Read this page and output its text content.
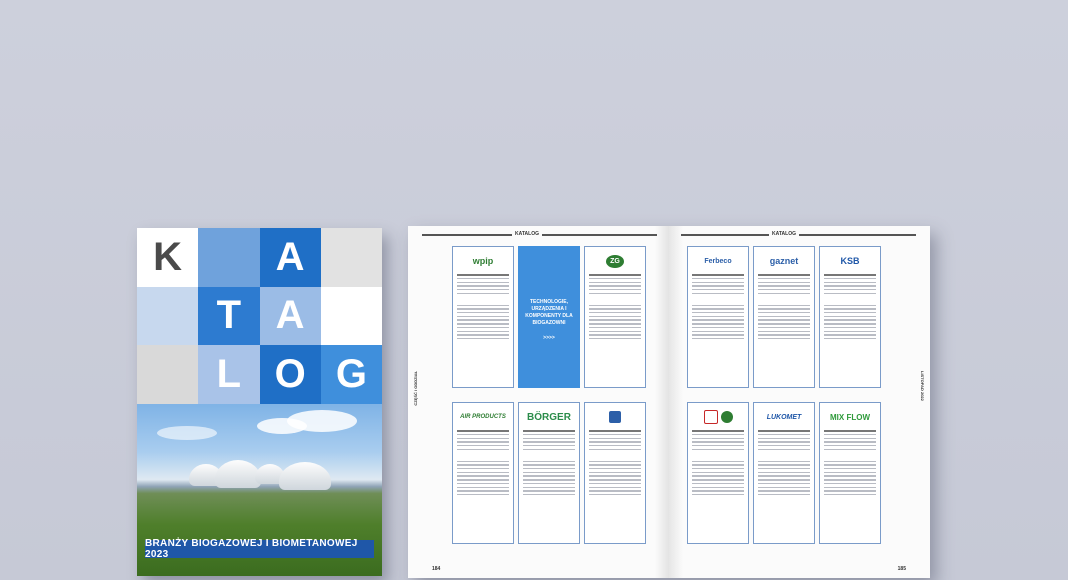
K	A
T A
L O G
BRANŻY BIOGAZOWEJ I BIOMETANOWEJ 2023
KATALOG
CZĘŚĆ I ODDZIAŁ
wpip
TECHNOLOGIE, URZĄDZENIA I KOMPONENTY DLA BIOGAZOWNI
>>>>
ZG
AIR PRODUCTS	BÖRGER
184
KATALOG
LISTOPAD 2022
Ferbeco	gaznet	KSB
LUKOMET	MIX FLOW
185
